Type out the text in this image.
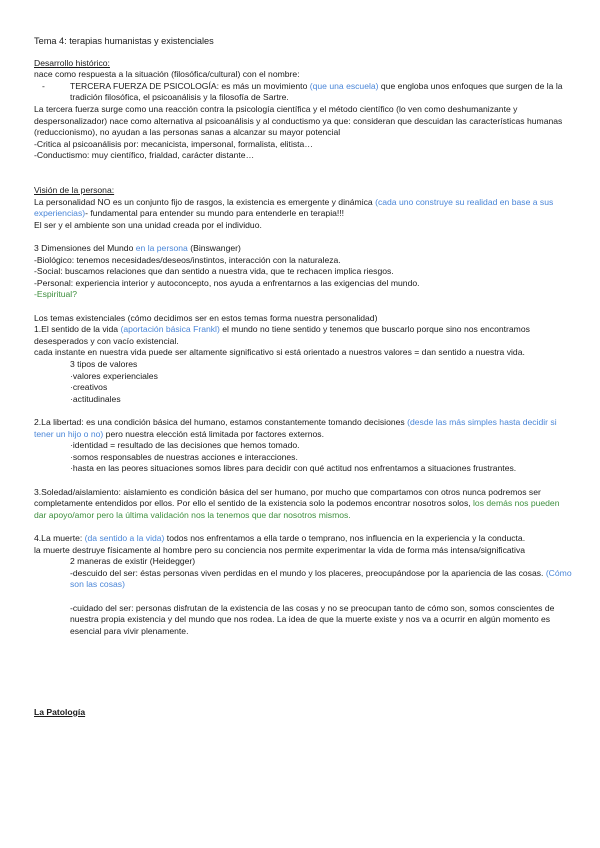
Tema 4: terapias humanistas y existenciales

Desarrollo histórico:

nace como respuesta a la situación (filosófica/cultural) con el nombre:

-	TERCERA FUERZA DE PSICOLOGÍA: es más un movimiento (que una escuela) que engloba unos enfoques que surgen de la la tradición filosófica, el psicoanálisis y la filosofía de Sartre.

La tercera fuerza surge como una reacción contra la psicología científica y el método científico (lo ven como deshumanizante y despersonalizador) nace como alternativa al psicoanálisis y al conductismo ya que: consideran que descuidan las características humanas (reduccionismo), no ayudan a las personas sanas a alcanzar su mayor potencial

-Critica al psicoanálisis por: mecanicista, impersonal, formalista, elitista…

-Conductismo: muy científico, frialdad, carácter distante…

Visión de la persona:

La personalidad NO es un conjunto fijo de rasgos, la existencia es emergente y dinámica (cada uno construye su realidad en base a sus experiencias)- fundamental para entender su mundo para entenderle en terapia!!!

El ser y el ambiente son una unidad creada por el individuo.

3 Dimensiones del Mundo en la persona (Binswanger)

-Biológico: tenemos necesidades/deseos/instintos, interacción con la naturaleza.

-Social: buscamos relaciones que dan sentido a nuestra vida, que te rechacen implica riesgos.

-Personal: experiencia interior y autoconcepto, nos ayuda a enfrentarnos a las exigencias del mundo.

-Espiritual?

Los temas existenciales (cómo decidimos ser en estos temas forma nuestra personalidad)

1.El sentido de la vida (aportación básica Frankl) el mundo no tiene sentido y tenemos que buscarlo porque sino nos encontramos desesperados y con vacío existencial.

cada instante en nuestra vida puede ser altamente significativo si está orientado a nuestros valores = dan sentido a nuestra vida.

3 tipos de valores

·valores experienciales

·creativos

·actitudinales

2.La libertad: es una condición básica del humano, estamos constantemente tomando decisiones (desde las más simples hasta decidir si tener un hijo o no) pero nuestra elección está limitada por factores externos.

·identidad = resultado de las decisiones que hemos tomado.

·somos responsables de nuestras acciones e interacciones.

·hasta en las peores situaciones somos libres para decidir con qué actitud nos enfrentamos a situaciones frustrantes.

3.Soledad/aislamiento: aislamiento es condición básica del ser humano, por mucho que compartamos con otros nunca podremos ser completamente entendidos por ellos. Por ello el sentido de la existencia solo la podemos encontrar nosotros solos, los demás nos pueden dar apoyo/amor pero la última validación nos la tenemos que dar nosotros mismos.

4.La muerte: (da sentido a la vida) todos nos enfrentamos a ella tarde o temprano, nos influencia en la experiencia y la conducta.

la muerte destruye físicamente al hombre pero su conciencia nos permite experimentar la vida de forma más intensa/significativa

2 maneras de existir (Heidegger)

-descuido del ser: éstas personas viven perdidas en el mundo y los placeres, preocupándose por la apariencia de las cosas. (Cómo son las cosas)

-cuidado del ser: personas disfrutan de la existencia de las cosas y no se preocupan tanto de cómo son, somos conscientes de nuestra propia existencia y del mundo que nos rodea. La idea de que la muerte existe y nos va a ocurrir en algún momento es esencial para vivir plenamente.

La Patología
